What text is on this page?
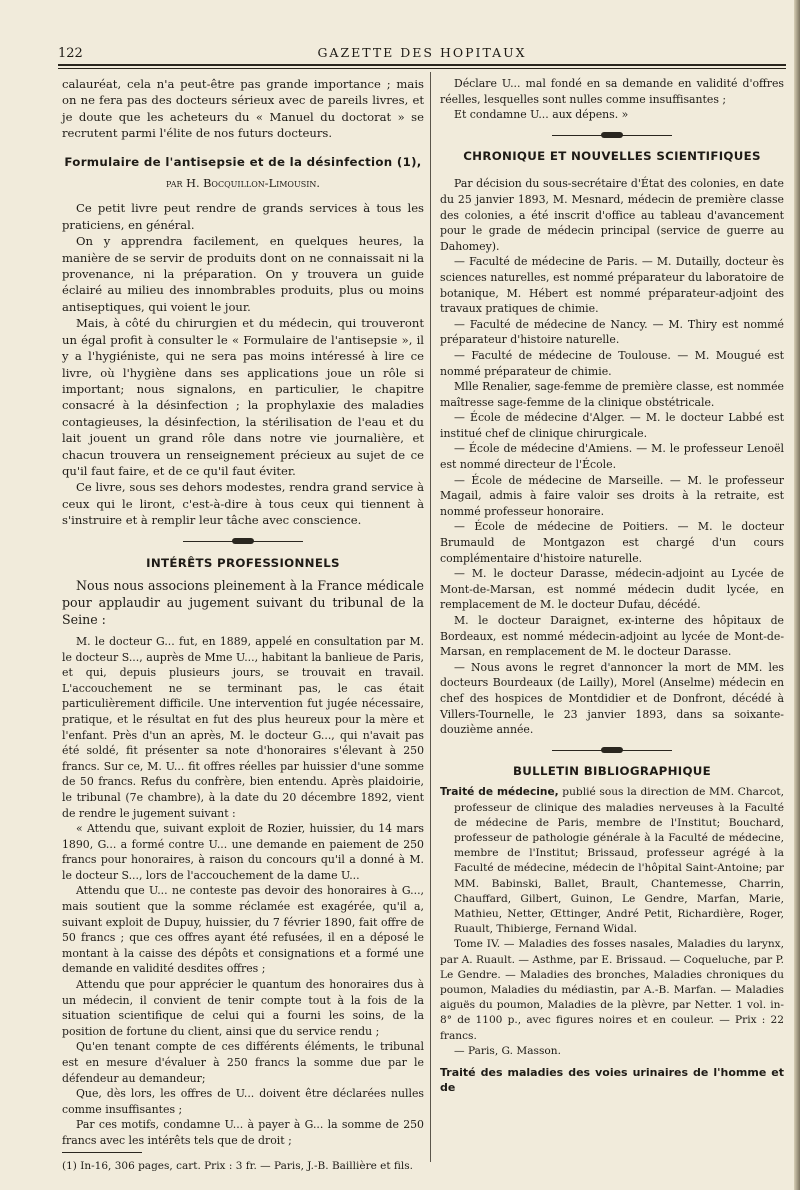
122	GAZETTE DES HOPITAUX

calauréat, cela n'a peut-être pas grande importance ; mais on ne fera pas des docteurs sérieux avec de pareils livres, et je doute que les acheteurs du « Manuel du doctorat » se recrutent parmi l'élite de nos futurs docteurs.

Formulaire de l'antisepsie et de la désinfection (1),
par H. Bocquillon-Limousin.

Ce petit livre peut rendre de grands services à tous les praticiens, en général.

On y apprendra facilement, en quelques heures, la manière de se servir de produits dont on ne connaissait ni la provenance, ni la préparation. On y trouvera un guide éclairé au milieu des innombrables produits, plus ou moins antiseptiques, qui voient le jour.

Mais, à côté du chirurgien et du médecin, qui trouveront un égal profit à consulter le « Formulaire de l'antisepsie », il y a l'hygiéniste, qui ne sera pas moins intéressé à lire ce livre, où l'hygiène dans ses applications joue un rôle si important; nous signalons, en particulier, le chapitre consacré à la désinfection ; la prophylaxie des maladies contagieuses, la désinfection, la stérilisation de l'eau et du lait jouent un grand rôle dans notre vie journalière, et chacun trouvera un renseignement précieux au sujet de ce qu'il faut faire, et de ce qu'il faut éviter.

Ce livre, sous ses dehors modestes, rendra grand service à ceux qui le liront, c'est-à-dire à tous ceux qui tiennent à s'instruire et à remplir leur tâche avec conscience.

INTÉRÊTS PROFESSIONNELS

Nous nous associons pleinement à la France médicale pour applaudir au jugement suivant du tribunal de la Seine :

M. le docteur G... fut, en 1889, appelé en consultation par M. le docteur S..., auprès de Mme U..., habitant la banlieue de Paris, et qui, depuis plusieurs jours, se trouvait en travail. L'accouchement ne se terminant pas, le cas était particulièrement difficile. Une intervention fut jugée nécessaire, pratique, et le résultat en fut des plus heureux pour la mère et l'enfant. Près d'un an après, M. le docteur G..., qui n'avait pas été soldé, fit présenter sa note d'honoraires s'élevant à 250 francs. Sur ce, M. U... fit offres réelles par huissier d'une somme de 50 francs. Refus du confrère, bien entendu. Après plaidoirie, le tribunal (7e chambre), à la date du 20 décembre 1892, vient de rendre le jugement suivant :

« Attendu que, suivant exploit de Rozier, huissier, du 14 mars 1890, G... a formé contre U... une demande en paiement de 250 francs pour honoraires, à raison du concours qu'il a donné à M. le docteur S..., lors de l'accouchement de la dame U...

Attendu que U... ne conteste pas devoir des honoraires à G..., mais soutient que la somme réclamée est exagérée, qu'il a, suivant exploit de Dupuy, huissier, du 7 février 1890, fait offre de 50 francs ; que ces offres ayant été refusées, il en a déposé le montant à la caisse des dépôts et consignations et a formé une demande en validité desdites offres ;

Attendu que pour apprécier le quantum des honoraires dus à un médecin, il convient de tenir compte tout à la fois de la situation scientifique de celui qui a fourni les soins, de la position de fortune du client, ainsi que du service rendu ;

Qu'en tenant compte de ces différents éléments, le tribunal est en mesure d'évaluer à 250 francs la somme due par le défendeur au demandeur;

Que, dès lors, les offres de U... doivent être déclarées nulles comme insuffisantes ;

Par ces motifs, condamne U... à payer à G... la somme de 250 francs avec les intérêts tels que de droit ;

(1) In-16, 306 pages, cart. Prix : 3 fr. — Paris, J.-B. Baillière et fils.

Déclare U... mal fondé en sa demande en validité d'offres réelles, lesquelles sont nulles comme insuffisantes ;

Et condamne U... aux dépens. »

CHRONIQUE ET NOUVELLES SCIENTIFIQUES

Par décision du sous-secrétaire d'État des colonies, en date du 25 janvier 1893, M. Mesnard, médecin de première classe des colonies, a été inscrit d'office au tableau d'avancement pour le grade de médecin principal (service de guerre au Dahomey).

— Faculté de médecine de Paris. — M. Dutailly, docteur ès sciences naturelles, est nommé préparateur du laboratoire de botanique, M. Hébert est nommé préparateur-adjoint des travaux pratiques de chimie.

— Faculté de médecine de Nancy. — M. Thiry est nommé préparateur d'histoire naturelle.

— Faculté de médecine de Toulouse. — M. Mougué est nommé préparateur de chimie.

Mlle Renalier, sage-femme de première classe, est nommée maîtresse sage-femme de la clinique obstétricale.

— École de médecine d'Alger. — M. le docteur Labbé est institué chef de clinique chirurgicale.

— École de médecine d'Amiens. — M. le professeur Lenoël est nommé directeur de l'École.

— École de médecine de Marseille. — M. le professeur Magail, admis à faire valoir ses droits à la retraite, est nommé professeur honoraire.

— École de médecine de Poitiers. — M. le docteur Brumauld de Montgazon est chargé d'un cours complémentaire d'histoire naturelle.

— M. le docteur Darasse, médecin-adjoint au Lycée de Mont-de-Marsan, est nommé médecin dudit lycée, en remplacement de M. le docteur Dufau, décédé.

M. le docteur Daraignet, ex-interne des hôpitaux de Bordeaux, est nommé médecin-adjoint au lycée de Mont-de-Marsan, en remplacement de M. le docteur Darasse.

— Nous avons le regret d'annoncer la mort de MM. les docteurs Bourdeaux (de Lailly), Morel (Anselme) médecin en chef des hospices de Montdidier et de Donfront, décédé à Villers-Tournelle, le 23 janvier 1893, dans sa soixante-douzième année.

BULLETIN BIBLIOGRAPHIQUE

Traité de médecine, publié sous la direction de MM. Charcot, professeur de clinique des maladies nerveuses à la Faculté de médecine de Paris, membre de l'Institut; Bouchard, professeur de pathologie générale à la Faculté de médecine, membre de l'Institut; Brissaud, professeur agrégé à la Faculté de médecine, médecin de l'hôpital Saint-Antoine; par MM. Babinski, Ballet, Brault, Chantemesse, Charrin, Chauffard, Gilbert, Guinon, Le Gendre, Marfan, Marie, Mathieu, Netter, Œttinger, André Petit, Richardière, Roger, Ruault, Thibierge, Fernand Widal.

Tome IV. — Maladies des fosses nasales, Maladies du larynx, par A. Ruault. — Asthme, par E. Brissaud. — Coqueluche, par P. Le Gendre. — Maladies des bronches, Maladies chroniques du poumon, Maladies du médiastin, par A.-B. Marfan. — Maladies aiguës du poumon, Maladies de la plèvre, par Netter. 1 vol. in-8° de 1100 p., avec figures noires et en couleur. — Prix : 22 francs.

— Paris, G. Masson.

Traité des maladies des voies urinaires de l'homme et de
